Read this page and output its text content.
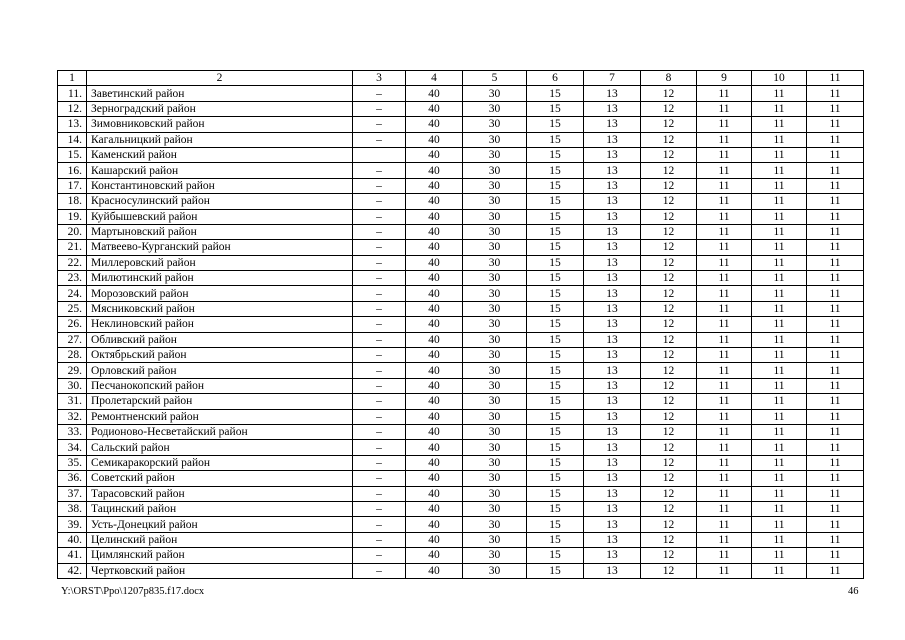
1	2	3	4	5	6	7	8	9	10	11
11.	Заветинский район	–	40	30	15	13	12	11	11	11
12.	Зерноградский район	–	40	30	15	13	12	11	11	11
13.	Зимовниковский район	–	40	30	15	13	12	11	11	11
14.	Кагальницкий район	–	40	30	15	13	12	11	11	11
15.	Каменский район		40	30	15	13	12	11	11	11
16.	Кашарский район	–	40	30	15	13	12	11	11	11
17.	Константиновский район	–	40	30	15	13	12	11	11	11
18.	Красносулинский район	–	40	30	15	13	12	11	11	11
19.	Куйбышевский район	–	40	30	15	13	12	11	11	11
20.	Мартыновский район	–	40	30	15	13	12	11	11	11
21.	Матвеево-Курганский район	–	40	30	15	13	12	11	11	11
22.	Миллеровский район	–	40	30	15	13	12	11	11	11
23.	Милютинский район	–	40	30	15	13	12	11	11	11
24.	Морозовский район	–	40	30	15	13	12	11	11	11
25.	Мясниковский район	–	40	30	15	13	12	11	11	11
26.	Неклиновский район	–	40	30	15	13	12	11	11	11
27.	Обливский район	–	40	30	15	13	12	11	11	11
28.	Октябрьский район	–	40	30	15	13	12	11	11	11
29.	Орловский район	–	40	30	15	13	12	11	11	11
30.	Песчанокопский район	–	40	30	15	13	12	11	11	11
31.	Пролетарский район	–	40	30	15	13	12	11	11	11
32.	Ремонтненский район	–	40	30	15	13	12	11	11	11
33.	Родионово-Несветайский район	–	40	30	15	13	12	11	11	11
34.	Сальский район	–	40	30	15	13	12	11	11	11
35.	Семикаракорский район	–	40	30	15	13	12	11	11	11
36.	Советский район	–	40	30	15	13	12	11	11	11
37.	Тарасовский район	–	40	30	15	13	12	11	11	11
38.	Тацинский район	–	40	30	15	13	12	11	11	11
39.	Усть-Донецкий район	–	40	30	15	13	12	11	11	11
40.	Целинский район	–	40	30	15	13	12	11	11	11
41.	Цимлянский район	–	40	30	15	13	12	11	11	11
42.	Чертковский район	–	40	30	15	13	12	11	11	11
Y:\ORST\Ppo\1207p835.f17.docx	46
